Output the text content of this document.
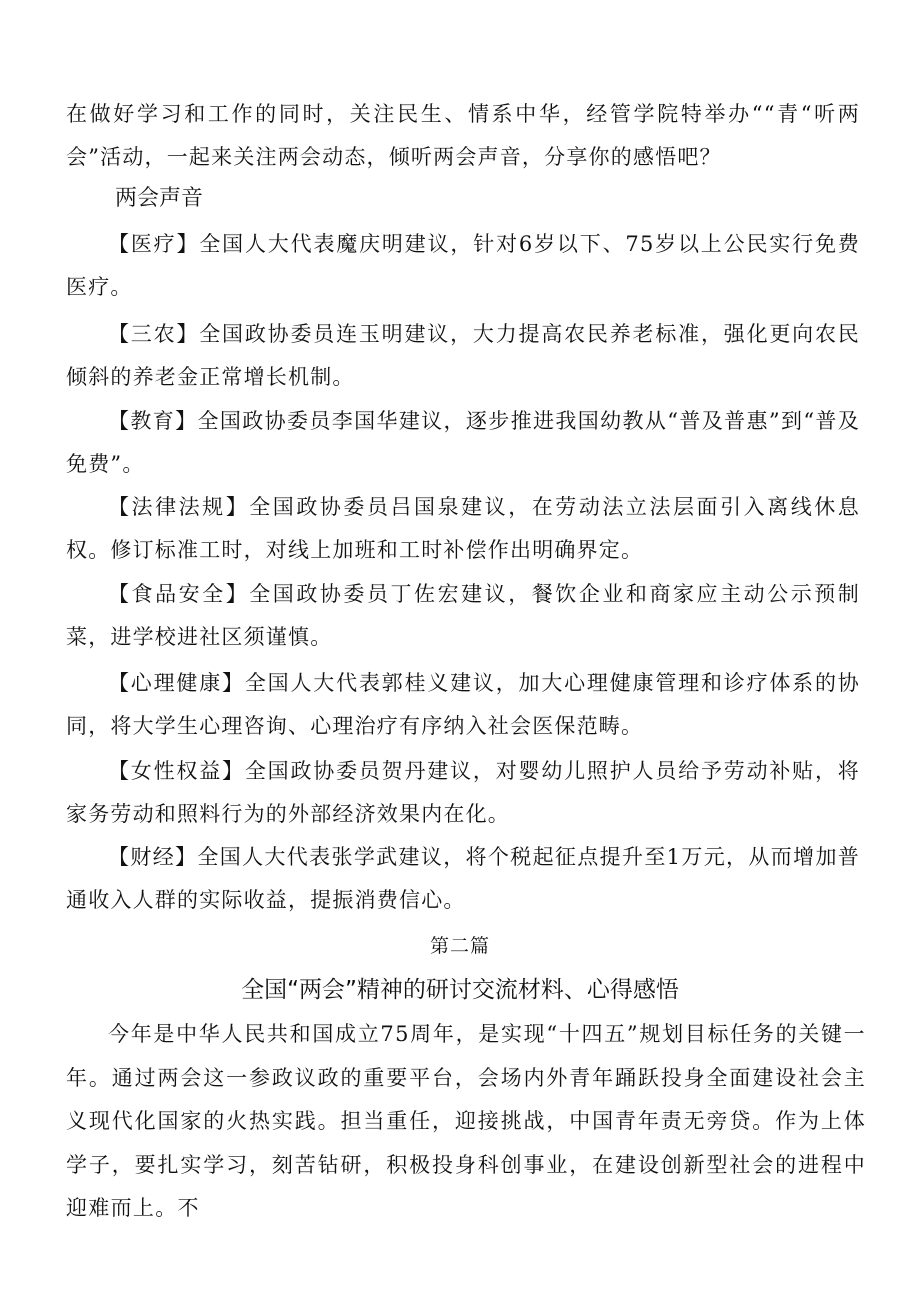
在做好学习和工作的同时，关注民生、情系中华，经管学院特举办““青“听两会”活动，一起来关注两会动态，倾听两会声音，分享你的感悟吧？

两会声音

【医疗】全国人大代表魔庆明建议，针对6岁以下、75岁以上公民实行免费医疗。

【三农】全国政协委员连玉明建议，大力提高农民养老标准，强化更向农民倾斜的养老金正常增长机制。

【教育】全国政协委员李国华建议，逐步推进我国幼教从“普及普惠”到“普及免费”。

【法律法规】全国政协委员吕国泉建议，在劳动法立法层面引入离线休息权。修订标准工时，对线上加班和工时补偿作出明确界定。

【食品安全】全国政协委员丁佐宏建议，餐饮企业和商家应主动公示预制菜，进学校进社区须谨慎。

【心理健康】全国人大代表郭桂义建议，加大心理健康管理和诊疗体系的协同，将大学生心理咨询、心理治疗有序纳入社会医保范畴。

【女性权益】全国政协委员贺丹建议，对婴幼儿照护人员给予劳动补贴，将家务劳动和照料行为的外部经济效果内在化。

【财经】全国人大代表张学武建议，将个税起征点提升至1万元，从而增加普通收入人群的实际收益，提振消费信心。

第二篇

全国“两会”精神的研讨交流材料、心得感悟

今年是中华人民共和国成立75周年，是实现“十四五”规划目标任务的关键一年。通过两会这一参政议政的重要平台，会场内外青年踊跃投身全面建设社会主义现代化国家的火热实践。担当重任，迎接挑战，中国青年责无旁贷。作为上体学子，要扎实学习，刻苦钻研，积极投身科创事业，在建设创新型社会的进程中迎难而上。不
